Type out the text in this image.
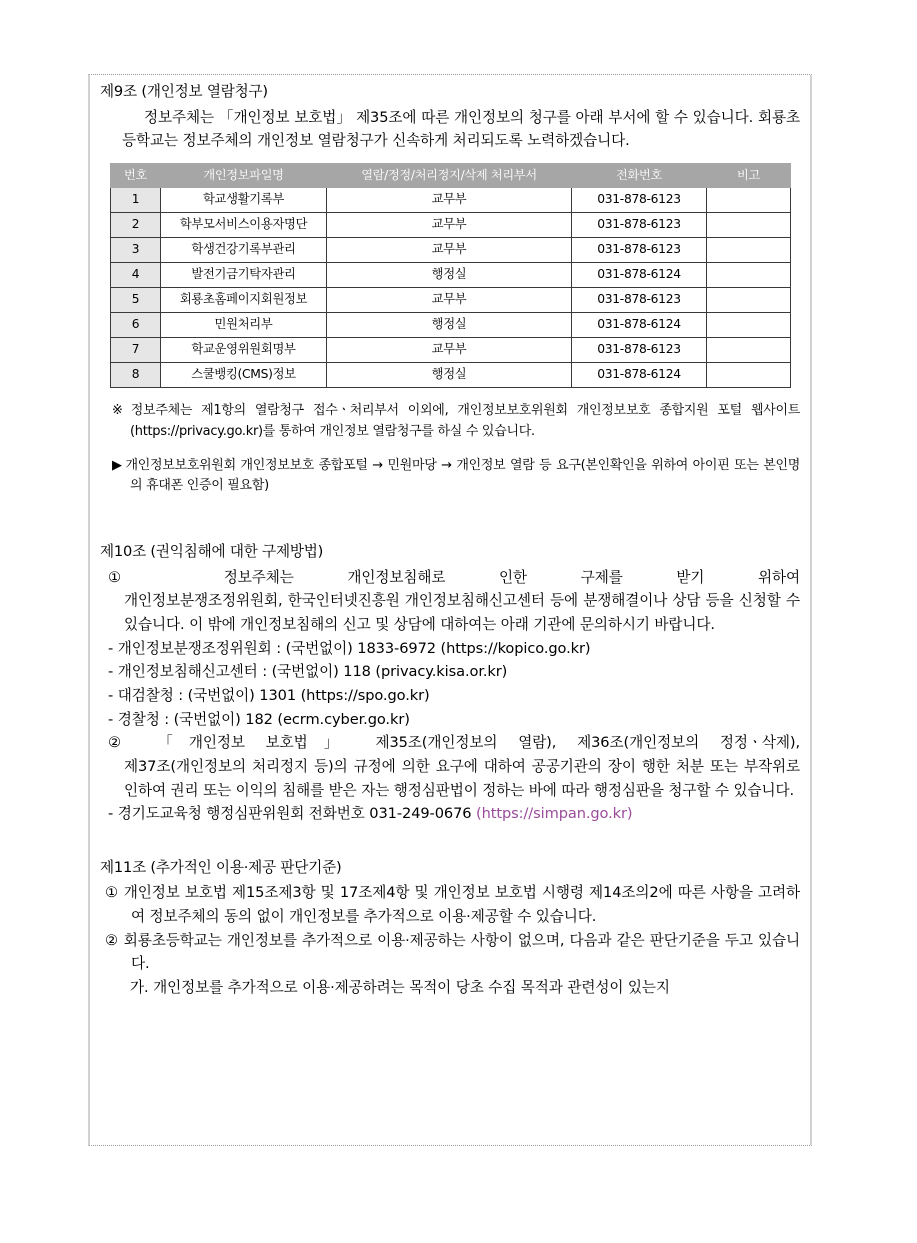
제9조 (개인정보 열람청구)

정보주체는 「개인정보 보호법」 제35조에 따른 개인정보의 청구를 아래 부서에 할 수 있습니다. 회룡초등학교는 정보주체의 개인정보 열람청구가 신속하게 처리되도록 노력하겠습니다.

번호	개인정보파일명	열람/정정/처리정지/삭제 처리부서	전화번호	비고
1	학교생활기록부	교무부	031-878-6123	
2	학부모서비스이용자명단	교무부	031-878-6123	
3	학생건강기록부관리	교무부	031-878-6123	
4	발전기금기탁자관리	행정실	031-878-6124	
5	회룡초홈페이지회원정보	교무부	031-878-6123	
6	민원처리부	행정실	031-878-6124	
7	학교운영위원회명부	교무부	031-878-6123	
8	스쿨뱅킹(CMS)정보	행정실	031-878-6124	

※ 정보주체는 제1항의 열람청구 접수ㆍ처리부서 이외에, 개인정보보호위원회 개인정보보호 종합지원 포털 웹사이트(https://privacy.go.kr)를 통하여 개인정보 열람청구를 하실 수 있습니다.

▶ 개인정보보호위원회 개인정보보호 종합포털 → 민원마당 → 개인정보 열람 등 요구(본인확인을 위하여 아이핀 또는 본인명의 휴대폰 인증이 필요함)

제10조 (권익침해에 대한 구제방법)

①	정보주체는 개인정보침해로 인한 구제를 받기 위하여

개인정보분쟁조정위원회, 한국인터넷진흥원 개인정보침해신고센터 등에 분쟁해결이나 상담 등을 신청할 수 있습니다. 이 밖에 개인정보침해의 신고 및 상담에 대하여는 아래 기관에 문의하시기 바랍니다.

- 개인정보분쟁조정위원회 : (국번없이) 1833-6972 (https://kopico.go.kr)

- 개인정보침해신고센터 : (국번없이) 118 (privacy.kisa.or.kr)

- 대검찰청 : (국번없이) 1301 (https://spo.go.kr)

- 경찰청 : (국번없이) 182 (ecrm.cyber.go.kr)

② 「개인정보 보호법」 제35조(개인정보의 열람), 제36조(개인정보의 정정ㆍ삭제),

제37조(개인정보의 처리정지 등)의 규정에 의한 요구에 대하여 공공기관의 장이 행한 처분 또는 부작위로 인하여 권리 또는 이익의 침해를 받은 자는 행정심판법이 정하는 바에 따라 행정심판을 청구할 수 있습니다.

- 경기도교육청 행정심판위원회 전화번호 031-249-0676 (https://simpan.go.kr)

제11조 (추가적인 이용·제공 판단기준)

① 개인정보 보호법 제15조제3항 및 17조제4항 및 개인정보 보호법 시행령 제14조의2에 따른 사항을 고려하여 정보주체의 동의 없이 개인정보를 추가적으로 이용·제공할 수 있습니다.

② 회룡초등학교는 개인정보를 추가적으로 이용·제공하는 사항이 없으며, 다음과 같은 판단기준을 두고 있습니다.

가. 개인정보를 추가적으로 이용·제공하려는 목적이 당초 수집 목적과 관련성이 있는지
